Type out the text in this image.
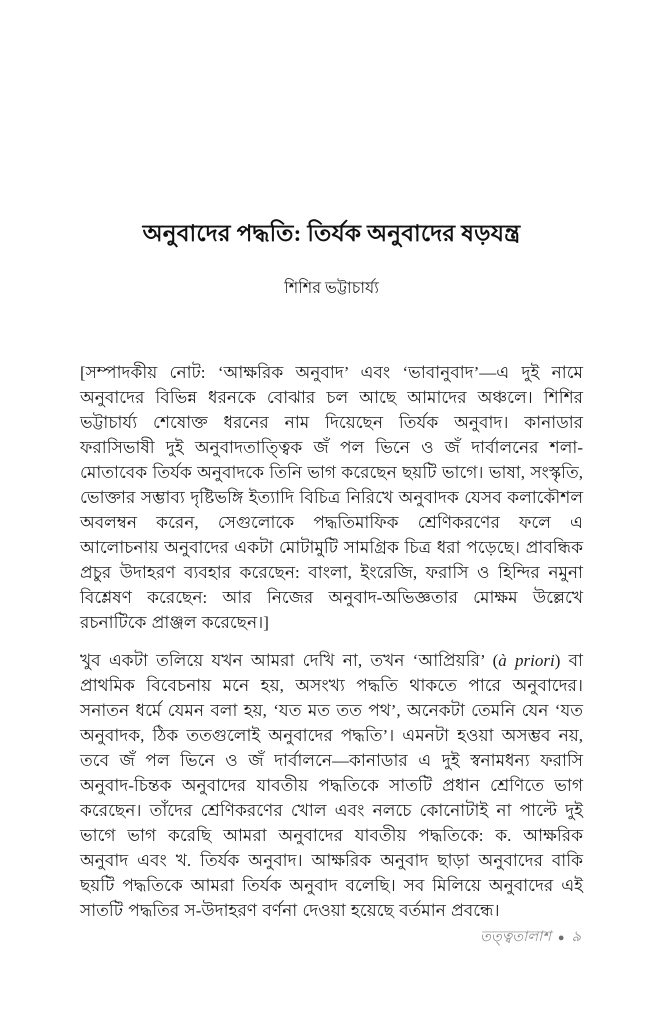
অনুবাদের পদ্ধতি: তির্যক অনুবাদের ষড়যন্ত্র
শিশির ভট্টাচার্য্য

[সম্পাদকীয় নোট: ‘আক্ষরিক অনুবাদ’ এবং ‘ভাবানুবাদ’—এ দুই নামে অনুবাদের বিভিন্ন ধরনকে বোঝার চল আছে আমাদের অঞ্চলে। শিশির ভট্টাচার্য্য শেষোক্ত ধরনের নাম দিয়েছেন তির্যক অনুবাদ। কানাডার ফরাসিভাষী দুই অনুবাদতাত্ত্বিক জঁ পল ভিনে ও জঁ দার্বালনের শলা-মোতাবেক তির্যক অনুবাদকে তিনি ভাগ করেছেন ছয়টি ভাগে। ভাষা, সংস্কৃতি, ভোক্তার সম্ভাব্য দৃষ্টিভঙ্গি ইত্যাদি বিচিত্র নিরিখে অনুবাদক যেসব কলাকৌশল অবলম্বন করেন, সেগুলোকে পদ্ধতিমাফিক শ্রেণিকরণের ফলে এ আলোচনায় অনুবাদের একটা মোটামুটি সামগ্রিক চিত্র ধরা পড়েছে। প্রাবন্ধিক প্রচুর উদাহরণ ব্যবহার করেছেন: বাংলা, ইংরেজি, ফরাসি ও হিন্দির নমুনা বিশ্লেষণ করেছেন: আর নিজের অনুবাদ-অভিজ্ঞতার মোক্ষম উল্লেখে রচনাটিকে প্রাঞ্জল করেছেন।]

খুব একটা তলিয়ে যখন আমরা দেখি না, তখন ‘আপ্রিয়রি’ (à priori) বা প্রাথমিক বিবেচনায় মনে হয়, অসংখ্য পদ্ধতি থাকতে পারে অনুবাদের। সনাতন ধর্মে যেমন বলা হয়, ‘যত মত তত পথ’, অনেকটা তেমনি যেন ‘যত অনুবাদক, ঠিক ততগুলোই অনুবাদের পদ্ধতি’। এমনটা হওয়া অসম্ভব নয়, তবে জঁ পল ভিনে ও জঁ দার্বালনে—কানাডার এ দুই স্বনামধন্য ফরাসি অনুবাদ-চিন্তক অনুবাদের যাবতীয় পদ্ধতিকে সাতটি প্রধান শ্রেণিতে ভাগ করেছেন। তাঁদের শ্রেণিকরণের খোল এবং নলচে কোনোটাই না পাল্টে দুই ভাগে ভাগ করেছি আমরা অনুবাদের যাবতীয় পদ্ধতিকে: ক. আক্ষরিক অনুবাদ এবং খ. তির্যক অনুবাদ। আক্ষরিক অনুবাদ ছাড়া অনুবাদের বাকি ছয়টি পদ্ধতিকে আমরা তির্যক অনুবাদ বলেছি। সব মিলিয়ে অনুবাদের এই সাতটি পদ্ধতির স-উদাহরণ বর্ণনা দেওয়া হয়েছে বর্তমান প্রবন্ধে।

তত্ত্বতালাশ ● ৯
